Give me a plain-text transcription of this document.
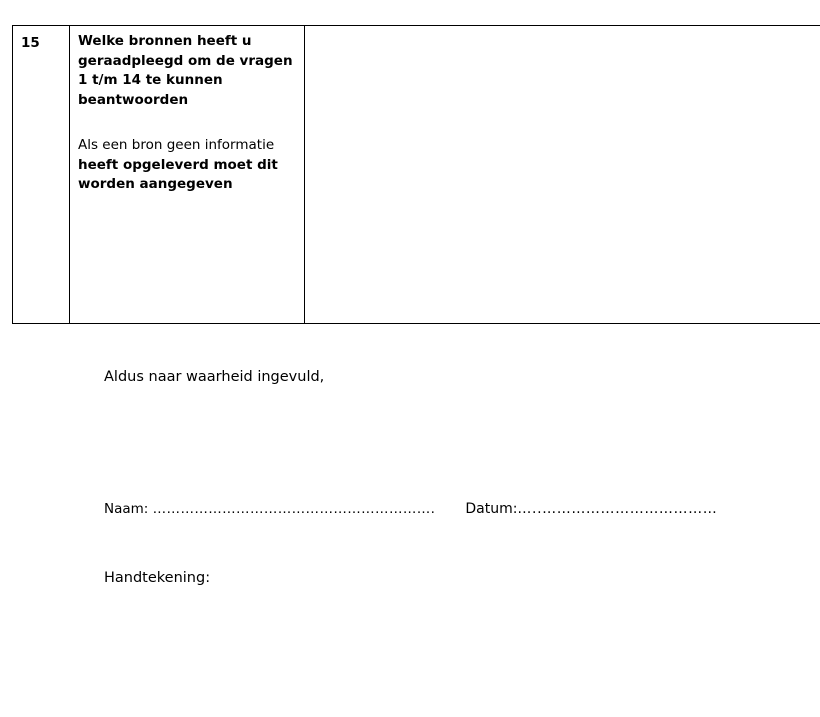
15	Welke bronnen heeft u geraadpleegd om de vragen 1 t/m 14 te kunnen beantwoorden

Als een bron geen informatie heeft opgeleverd moet dit worden aangegeven

Aldus naar waarheid ingevuld,
Naam: ……………………………………………………. Datum:…..………………………………
Handtekening:
